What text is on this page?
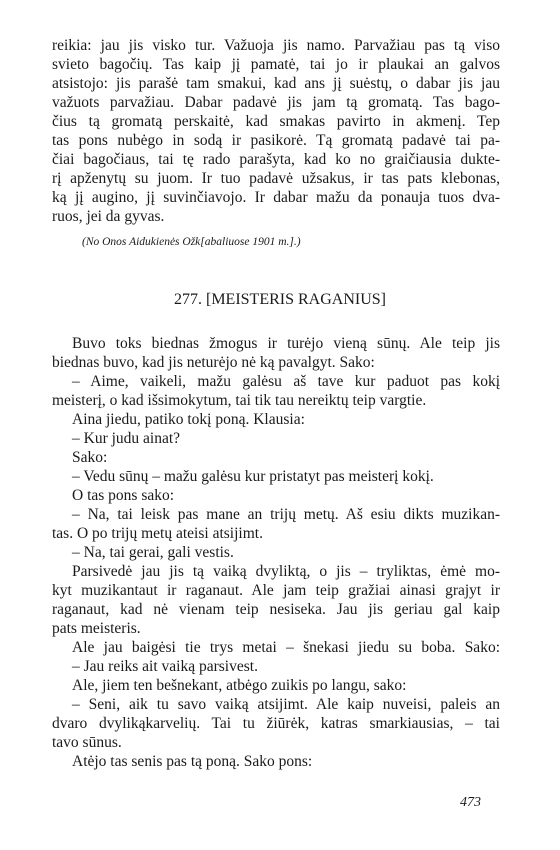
reikia: jau jis visko tur. Važuoja jis namo. Parvažiau pas tą viso
svieto bagočių. Tas kaip jį pamatė, tai jo ir plaukai an galvos
atsistojo: jis parašė tam smakui, kad ans jį suėstų, o dabar jis jau
važuots parvažiau. Dabar padavė jis jam tą gromatą. Tas bago-
čius tą gromatą perskaitė, kad smakas pavirto in akmenį. Tep
tas pons nubėgo in sodą ir pasikorė. Tą gromatą padavė tai pa-
čiai bagočiaus, tai tę rado parašyta, kad ko no graičiausia dukte-
rį apženytų su juom. Ir tuo padavė užsakus, ir tas pats klebonas,
ką jį augino, jį suvinčiavojo. Ir dabar mažu da ponauja tuos dva-
ruos, jei da gyvas.
(No Onos Aidukienės Ožk[abaliuose 1901 m.].)
277. [MEISTERIS RAGANIUS]
Buvo toks biednas žmogus ir turėjo vieną sūnų. Ale teip jis
biednas buvo, kad jis neturėjo nė ką pavalgyt. Sako:
– Aime, vaikeli, mažu galėsu aš tave kur paduot pas kokį
meisterį, o kad išsimokytum, tai tik tau nereiktų teip vargtie.
Aina jiedu, patiko tokį poną. Klausia:
– Kur judu ainat?
Sako:
– Vedu sūnų – mažu galėsu kur pristatyt pas meisterį kokį.
O tas pons sako:
– Na, tai leisk pas mane an trijų metų. Aš esiu dikts muzikan-
tas. O po trijų metų ateisi atsijimt.
– Na, tai gerai, gali vestis.
Parsivedė jau jis tą vaiką dvyliktą, o jis – tryliktas, ėmė mo-
kyt muzikantaut ir raganaut. Ale jam teip gražiai ainasi grajyt ir
raganaut, kad nė vienam teip nesiseka. Jau jis geriau gal kaip
pats meisteris.
Ale jau baigėsi tie trys metai – šnekasi jiedu su boba. Sako:
– Jau reiks ait vaiką parsivest.
Ale, jiem ten bešnekant, atbėgo zuikis po langu, sako:
– Seni, aik tu savo vaiką atsijimt. Ale kaip nuveisi, paleis an
dvaro dvylikąkarvelių. Tai tu žiūrėk, katras smarkiausias, – tai
tavo sūnus.
Atėjo tas senis pas tą poną. Sako pons:
473
